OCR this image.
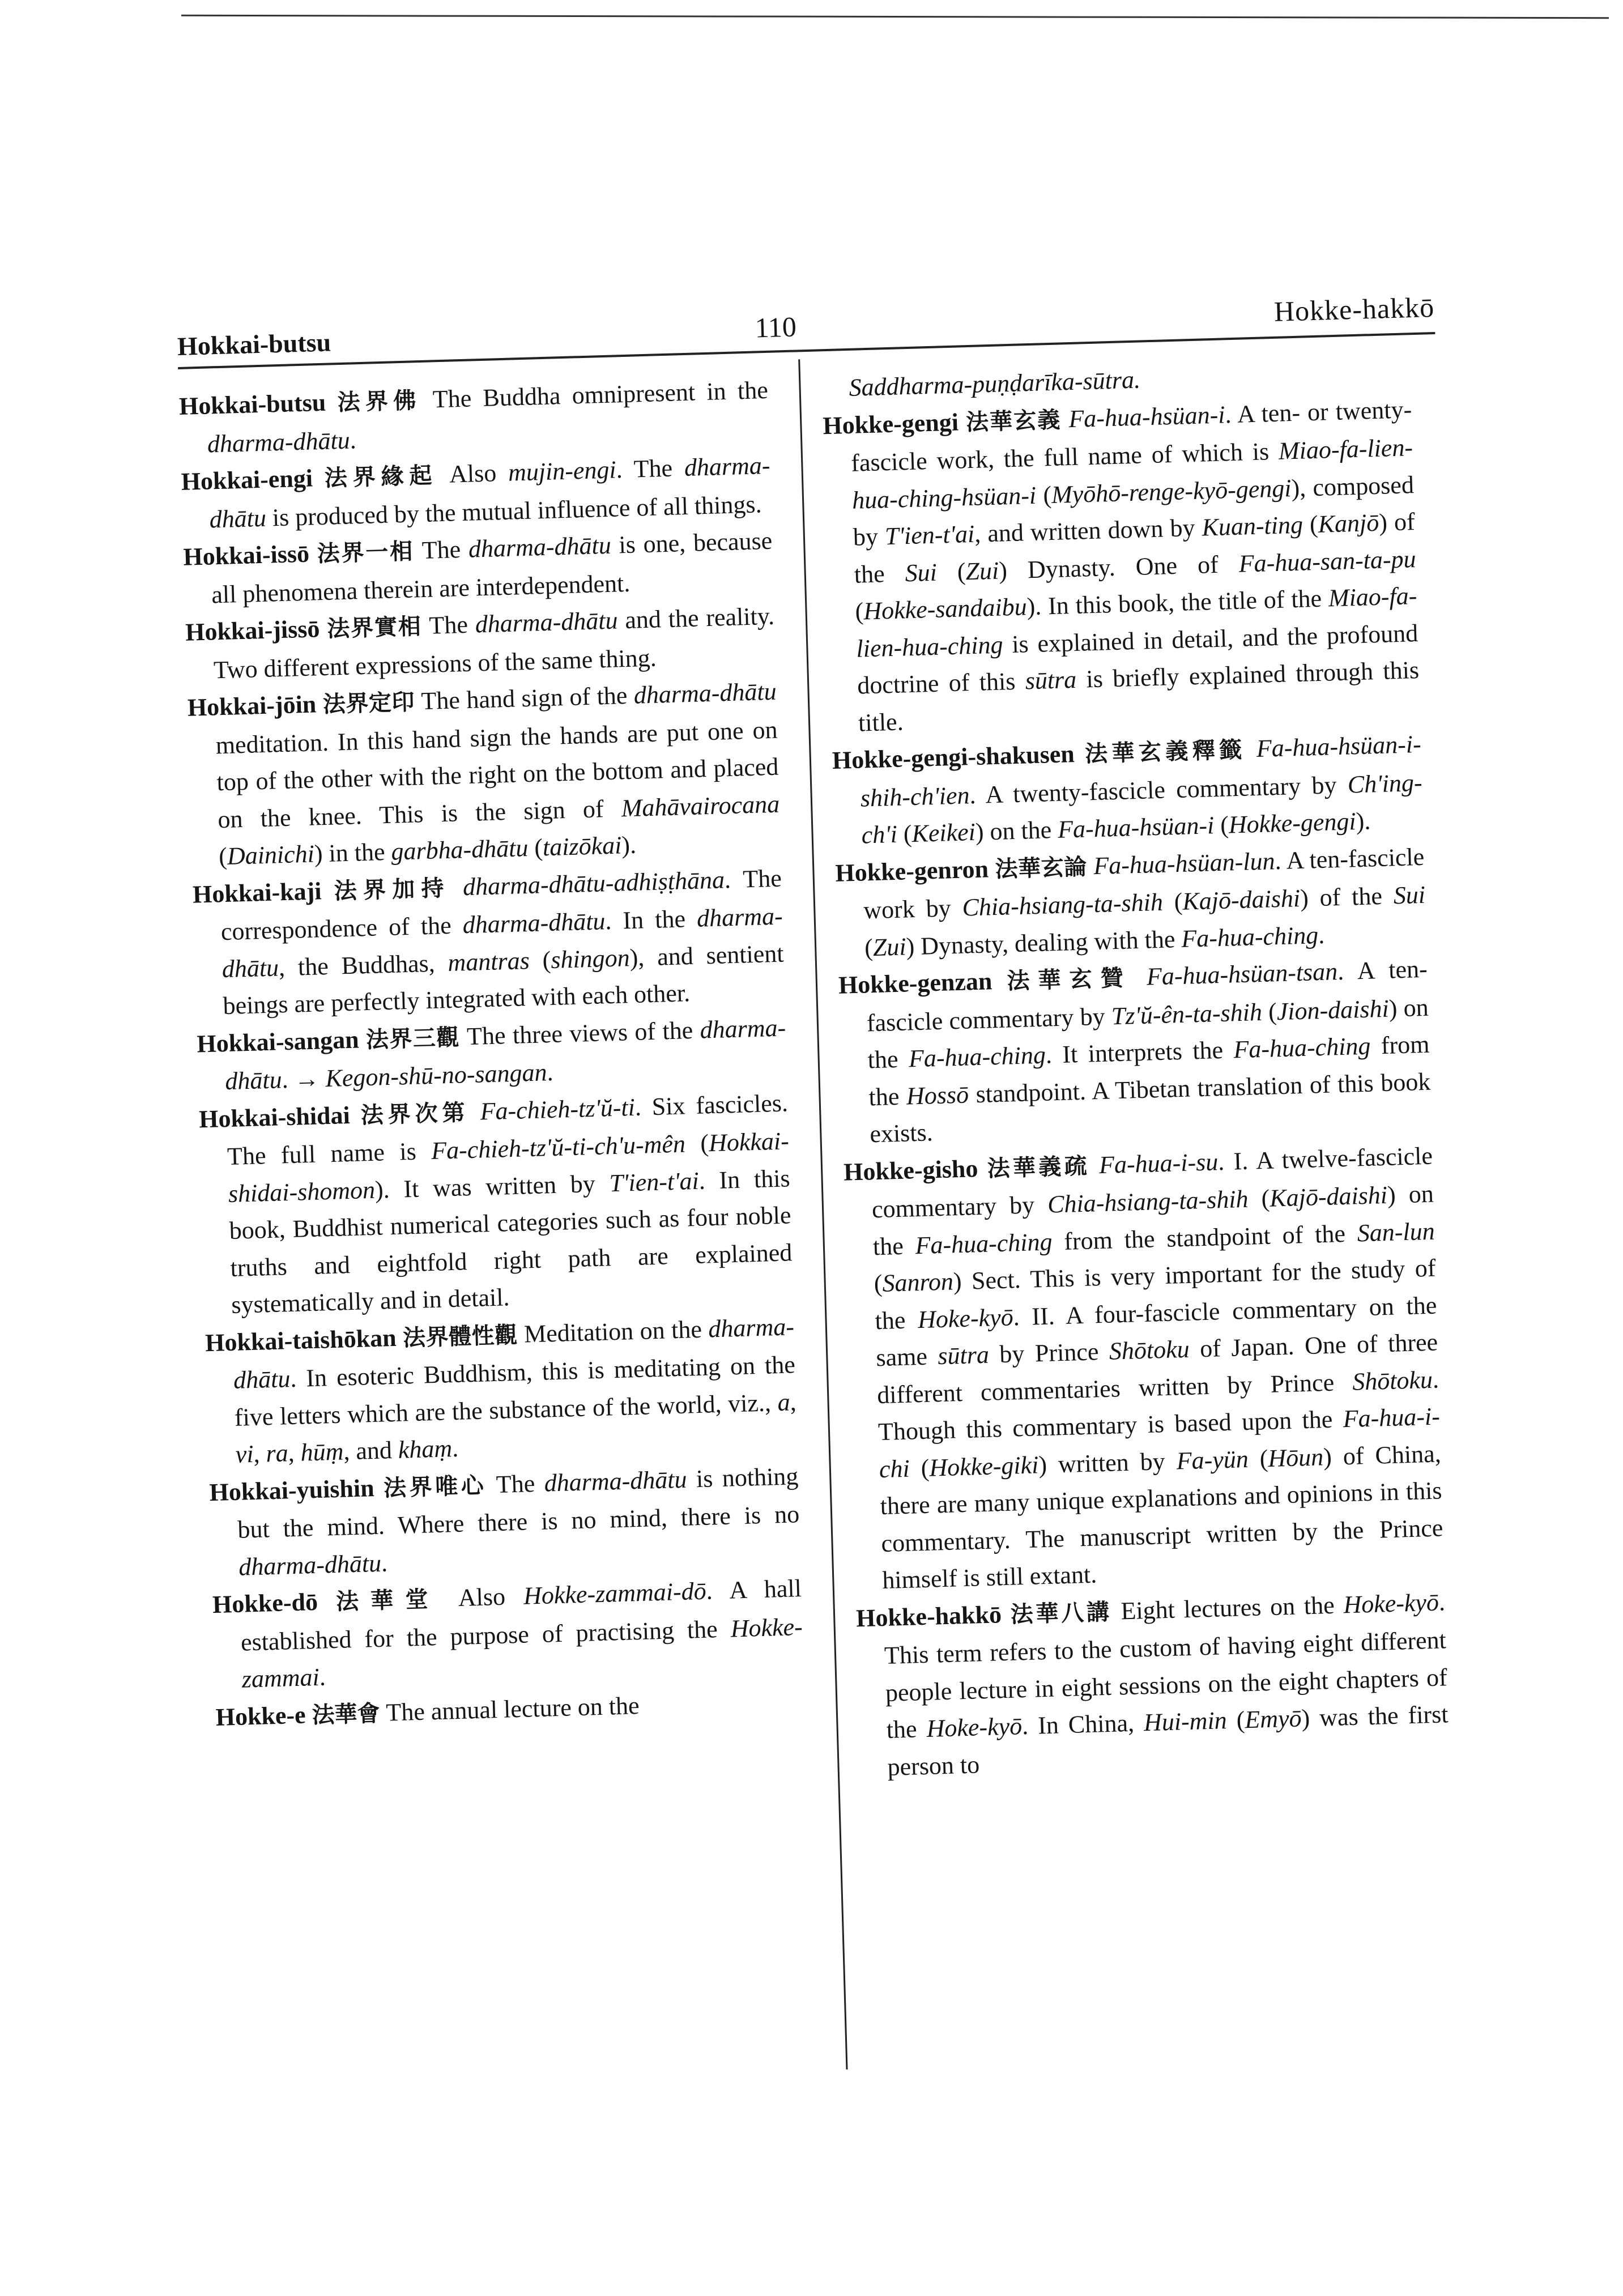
Hokkai-butsu
110	Hokke-hakkō

Hokkai-butsu 法界佛 The Buddha omnipresent in the dharma-dhātu.

Hokkai-engi 法界緣起 Also mujin-engi. The dharma-dhātu is produced by the mutual influence of all things.

Hokkai-issō 法界一相 The dharma-dhātu is one, because all phenomena therein are interdependent.

Hokkai-jissō 法界實相 The dharma-dhātu and the reality. Two different expressions of the same thing.

Hokkai-jōin 法界定印 The hand sign of the dharma-dhātu meditation. In this hand sign the hands are put one on top of the other with the right on the bottom and placed on the knee. This is the sign of Mahāvairocana (Dainichi) in the garbha-dhātu (taizōkai).

Hokkai-kaji 法界加持 dharma-dhātu-adhiṣṭhāna. The correspondence of the dharma-dhātu. In the dharma-dhātu, the Buddhas, mantras (shingon), and sentient beings are perfectly integrated with each other.

Hokkai-sangan 法界三觀 The three views of the dharma-dhātu. → Kegon-shū-no-sangan.

Hokkai-shidai 法界次第 Fa-chieh-tz'ŭ-ti. Six fascicles. The full name is Fa-chieh-tz'ŭ-ti-ch'u-mên (Hokkai-shidai-shomon). It was written by T'ien-t'ai. In this book, Buddhist numerical categories such as four noble truths and eightfold right path are explained systematically and in detail.

Hokkai-taishōkan 法界體性觀 Meditation on the dharma-dhātu. In esoteric Buddhism, this is meditating on the five letters which are the substance of the world, viz., a, vi, ra, hūṃ, and khaṃ.

Hokkai-yuishin 法界唯心 The dharma-dhātu is nothing but the mind. Where there is no mind, there is no dharma-dhātu.

Hokke-dō 法華堂 Also Hokke-zammai-dō. A hall established for the purpose of practising the Hokke-zammai.

Hokke-e 法華會 The annual lecture on the

Saddharma-puṇḍarīka-sūtra.

Hokke-gengi 法華玄義 Fa-hua-hsüan-i. A ten- or twenty-fascicle work, the full name of which is Miao-fa-lien-hua-ching-hsüan-i (Myōhō-renge-kyō-gengi), composed by T'ien-t'ai, and written down by Kuan-ting (Kanjō) of the Sui (Zui) Dynasty. One of Fa-hua-san-ta-pu (Hokke-sandaibu). In this book, the title of the Miao-fa-lien-hua-ching is explained in detail, and the profound doctrine of this sūtra is briefly explained through this title.

Hokke-gengi-shakusen 法華玄義釋籤 Fa-hua-hsüan-i-shih-ch'ien. A twenty-fascicle commentary by Ch'ing-ch'i (Keikei) on the Fa-hua-hsüan-i (Hokke-gengi).

Hokke-genron 法華玄論 Fa-hua-hsüan-lun. A ten-fascicle work by Chia-hsiang-ta-shih (Kajō-daishi) of the Sui (Zui) Dynasty, dealing with the Fa-hua-ching.

Hokke-genzan 法華玄贊 Fa-hua-hsüan-tsan. A ten-fascicle commentary by Tz'ŭ-ên-ta-shih (Jion-daishi) on the Fa-hua-ching. It interprets the Fa-hua-ching from the Hossō standpoint. A Tibetan translation of this book exists.

Hokke-gisho 法華義疏 Fa-hua-i-su. I. A twelve-fascicle commentary by Chia-hsiang-ta-shih (Kajō-daishi) on the Fa-hua-ching from the standpoint of the San-lun (Sanron) Sect. This is very important for the study of the Hoke-kyō. II. A four-fascicle commentary on the same sūtra by Prince Shōtoku of Japan. One of three different commentaries written by Prince Shōtoku. Though this commentary is based upon the Fa-hua-i-chi (Hokke-giki) written by Fa-yün (Hōun) of China, there are many unique explanations and opinions in this commentary. The manuscript written by the Prince himself is still extant.

Hokke-hakkō 法華八講 Eight lectures on the Hoke-kyō. This term refers to the custom of having eight different people lecture in eight sessions on the eight chapters of the Hoke-kyō. In China, Hui-min (Emyō) was the first person to
